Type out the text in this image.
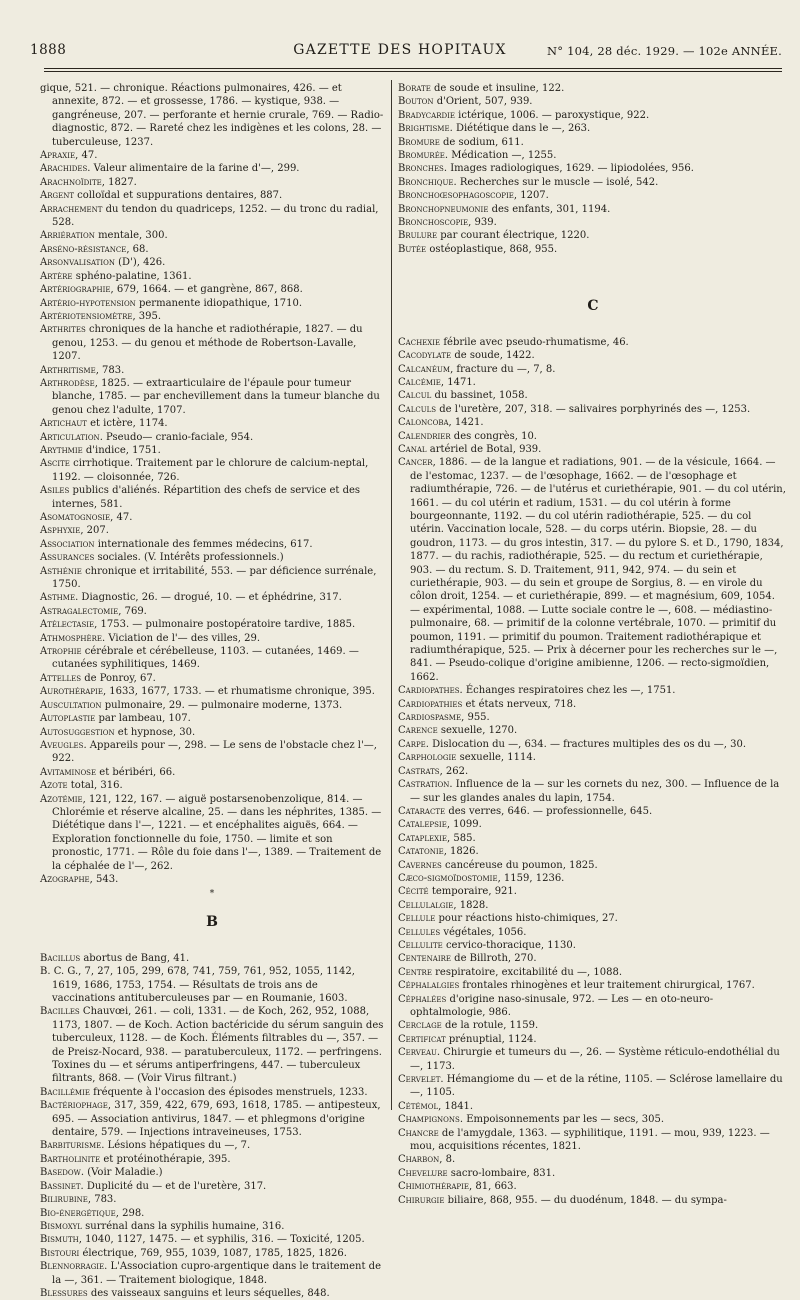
1888	GAZETTE DES HOPITAUX	N° 104, 28 déc. 1929. — 102e ANNÉE.
gique, 521. — chronique. Réactions pulmonaires, 426. — et annexite, 872. — et grossesse, 1786. — kystique, 938. — gangréneuse, 207. — perforante et hernie crurale, 769. — Radio-diagnostic, 872. — Rareté chez les indigènes et les colons, 28. — tuberculeuse, 1237.
Apraxie, 47.
Arachides. Valeur alimentaire de la farine d'—, 299.
Arachnoïdite, 1827.
Argent colloïdal et suppurations dentaires, 887.
Arrachement du tendon du quadriceps, 1252. — du tronc du radial, 528.
Arriération mentale, 300.
Arséno-résistance, 68.
Arsonvalisation (D'), 426.
Artère sphéno-palatine, 1361.
Artériographie, 679, 1664. — et gangrène, 867, 868.
Artério-hypotension permanente idiopathique, 1710.
Artériotensiomètre, 395.
Arthrites chroniques de la hanche et radiothérapie, 1827. — du genou, 1253. — du genou et méthode de Robertson-Lavalle, 1207.
Arthritisme, 783.
Arthrodèse, 1825. — extraarticulaire de l'épaule pour tumeur blanche, 1785. — par enchevillement dans la tumeur blanche du genou chez l'adulte, 1707.
Artichaut et ictère, 1174.
Articulation. Pseudo— cranio-faciale, 954.
Arythmie d'indice, 1751.
Ascite cirrhotique. Traitement par le chlorure de calcium-neptal, 1192. — cloisonnée, 726.
Asiles publics d'aliénés. Répartition des chefs de service et des internes, 581.
Asomatognosie, 47.
Asphyxie, 207.
Association internationale des femmes médecins, 617.
Assurances sociales. (V. Intérêts professionnels.)
Asthénie chronique et irritabilité, 553. — par déficience surrénale, 1750.
Asthme. Diagnostic, 26. — drogué, 10. — et éphédrine, 317.
Astragalectomie, 769.
Atélectasie, 1753. — pulmonaire postopératoire tardive, 1885.
Athmosphère. Viciation de l'— des villes, 29.
Atrophie cérébrale et cérébelleuse, 1103. — cutanées, 1469. — cutanées syphilitiques, 1469.
Attelles de Ponroy, 67.
Aurothérapie, 1633, 1677, 1733. — et rhumatisme chronique, 395.
Auscultation pulmonaire, 29. — pulmonaire moderne, 1373.
Autoplastie par lambeau, 107.
Autosuggestion et hypnose, 30.
Aveugles. Appareils pour —, 298. — Le sens de l'obstacle chez l'—, 922.
Avitaminose et béribéri, 66.
Azote total, 316.
Azotémie, 121, 122, 167. — aiguë postarsenobenzolique, 814. — Chlorémie et réserve alcaline, 25. — dans les néphrites, 1385. — Diététique dans l'—, 1221. — et encéphalites aiguës, 664. — Exploration fonctionnelle du foie, 1750. — limite et son pronostic, 1771. — Rôle du foie dans l'—, 1389. — Traitement de la céphalée de l'—, 262.
Azographe, 543.
*
B
Bacillus abortus de Bang, 41.
B. C. G., 7, 27, 105, 299, 678, 741, 759, 761, 952, 1055, 1142, 1619, 1686, 1753, 1754. — Résultats de trois ans de vaccinations antituberculeuses par — en Roumanie, 1603.
Bacilles Chauvœi, 261. — coli, 1331. — de Koch, 262, 952, 1088, 1173, 1807. — de Koch. Action bactéricide du sérum sanguin des tuberculeux, 1128. — de Koch. Éléments filtrables du —, 357. — de Preisz-Nocard, 938. — paratuberculeux, 1172. — perfringens. Toxines du — et sérums antiperfringens, 447. — tuberculeux filtrants, 868. — (Voir Virus filtrant.)
Bacillémie fréquente à l'occasion des épisodes menstruels, 1233.
Bactériophage, 317, 359, 422, 679, 693, 1618, 1785. — antipesteux, 695. — Association antivirus, 1847. — et phlegmons d'origine dentaire, 579. — Injections intraveineuses, 1753.
Barbiturisme. Lésions hépatiques du —, 7.
Bartholinite et protéinothérapie, 395.
Basedow. (Voir Maladie.)
Bassinet. Duplicité du — et de l'uretère, 317.
Bilirubine, 783.
Bio-énergétique, 298.
Bismoxyl surrénal dans la syphilis humaine, 316.
Bismuth, 1040, 1127, 1475. — et syphilis, 316. — Toxicité, 1205.
Bistouri électrique, 769, 955, 1039, 1087, 1785, 1825, 1826.
Blennorragie. L'Association cupro-argentique dans le traitement de la —, 361. — Traitement biologique, 1848.
Blessures des vaisseaux sanguins et leurs séquelles, 848.
Borate de soude et insuline, 122.
Bouton d'Orient, 507, 939.
Bradycardie ictérique, 1006. — paroxystique, 922.
Brightisme. Diététique dans le —, 263.
Bromure de sodium, 611.
Bromurée. Médication —, 1255.
Bronches. Images radiologiques, 1629. — lipiodolées, 956.
Bronchique. Recherches sur le muscle — isolé, 542.
Bronchoœsophagoscopie, 1207.
Bronchopneumonie des enfants, 301, 1194.
Bronchoscopie, 939.
Brulure par courant électrique, 1220.
Butée ostéoplastique, 868, 955.
C
Cachexie fébrile avec pseudo-rhumatisme, 46.
Cacodylate de soude, 1422.
Calcanéum, fracture du —, 7, 8.
Calcémie, 1471.
Calcul du bassinet, 1058.
Calculs de l'uretère, 207, 318. — salivaires porphyrinés des —, 1253.
Caloncoba, 1421.
Calendrier des congrès, 10.
Canal artériel de Botal, 939.
Cancer, 1886. — de la langue et radiations, 901. — de la vésicule, 1664. — de l'estomac, 1237. — de l'œsophage, 1662. — de l'œsophage et radiumthérapie, 726. — de l'utérus et curiethérapie, 901. — du col utérin, 1661. — du col utérin et radium, 1531. — du col utérin à forme bourgeonnante, 1192. — du col utérin radiothérapie, 525. — du col utérin. Vaccination locale, 528. — du corps utérin. Biopsie, 28. — du goudron, 1173. — du gros intestin, 317. — du pylore S. et D., 1790, 1834, 1877. — du rachis, radiothérapie, 525. — du rectum et curiethérapie, 903. — du rectum. S. D. Traitement, 911, 942, 974. — du sein et curiethérapie, 903. — du sein et groupe de Sorgius, 8. — en virole du côlon droit, 1254. — et curiethérapie, 899. — et magnésium, 609, 1054. — expérimental, 1088. — Lutte sociale contre le —, 608. — médiastino-pulmonaire, 68. — primitif de la colonne vertébrale, 1070. — primitif du poumon, 1191. — primitif du poumon. Traitement radiothérapique et radiumthérapique, 525. — Prix à décerner pour les recherches sur le —, 841. — Pseudo-colique d'origine amibienne, 1206. — recto-sigmoïdien, 1662.
Cardiopathes. Échanges respiratoires chez les —, 1751.
Cardiopathies et états nerveux, 718.
Cardiospasme, 955.
Carence sexuelle, 1270.
Carpe. Dislocation du —, 634. — fractures multiples des os du —, 30.
Carphologie sexuelle, 1114.
Castrats, 262.
Castration. Influence de la — sur les cornets du nez, 300. — Influence de la — sur les glandes anales du lapin, 1754.
Cataracte des verres, 646. — professionnelle, 645.
Catalepsie, 1099.
Cataplexie, 585.
Catatonie, 1826.
Cavernes cancéreuse du poumon, 1825.
Cæco-sigmoïdostomie, 1159, 1236.
Cécité temporaire, 921.
Cellulalgie, 1828.
Cellule pour réactions histo-chimiques, 27.
Cellules végétales, 1056.
Cellulite cervico-thoracique, 1130.
Centenaire de Billroth, 270.
Centre respiratoire, excitabilité du —, 1088.
Céphalalgies frontales rhinogènes et leur traitement chirurgical, 1767.
Céphalées d'origine naso-sinusale, 972. — Les — en oto-neuro-ophtalmologie, 986.
Cerclage de la rotule, 1159.
Certificat prénuptial, 1124.
Cerveau. Chirurgie et tumeurs du —, 26. — Système réticulo-endothélial du —, 1173.
Cervelet. Hémangiome du — et de la rétine, 1105. — Sclérose lamellaire du —, 1105.
Cétémol, 1841.
Champignons. Empoisonnements par les — secs, 305.
Chancre de l'amygdale, 1363. — syphilitique, 1191. — mou, 939, 1223. — mou, acquisitions récentes, 1821.
Charbon, 8.
Chevelure sacro-lombaire, 831.
Chimiothérapie, 81, 663.
Chirurgie biliaire, 868, 955. — du duodénum, 1848. — du sympa-
